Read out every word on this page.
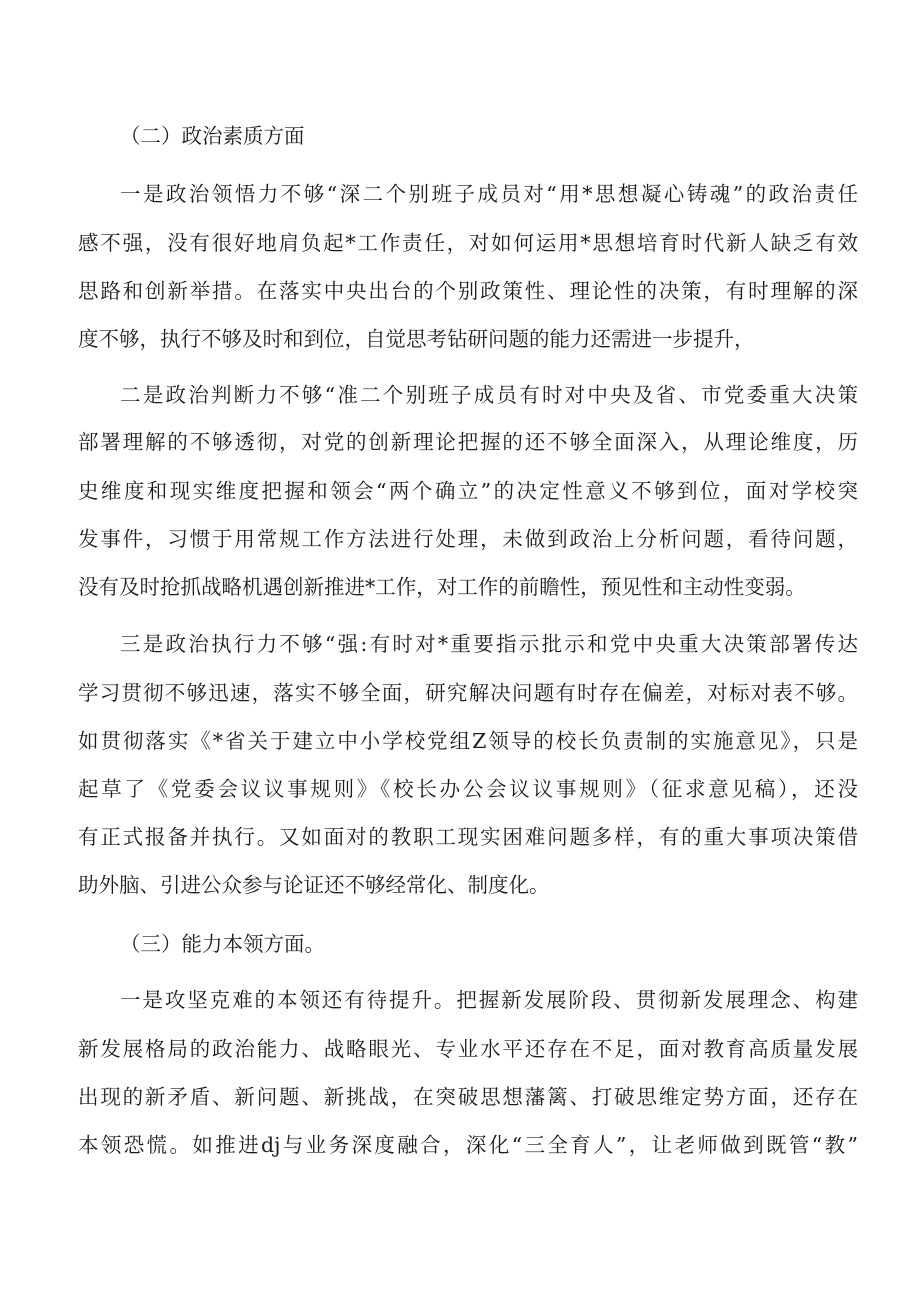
（二）政治素质方面

一是政治领悟力不够“深二个别班子成员对“用*思想凝心铸魂”的政治责任

感不强，没有很好地肩负起*工作责任，对如何运用*思想培育时代新人缺乏有效

思路和创新举措。在落实中央出台的个别政策性、理论性的决策，有时理解的深

度不够，执行不够及时和到位，自觉思考钻研问题的能力还需进一步提升，

二是政治判断力不够“准二个别班子成员有时对中央及省、市党委重大决策

部署理解的不够透彻，对党的创新理论把握的还不够全面深入，从理论维度，历

史维度和现实维度把握和领会“两个确立”的决定性意义不够到位，面对学校突

发事件，习惯于用常规工作方法进行处理，未做到政治上分析问题，看待问题，

没有及时抢抓战略机遇创新推进*工作，对工作的前瞻性，预见性和主动性变弱。

三是政治执行力不够“强:有时对*重要指示批示和党中央重大决策部署传达

学习贯彻不够迅速，落实不够全面，研究解决问题有时存在偏差，对标对表不够。

如贯彻落实《*省关于建立中小学校党组Z领导的校长负责制的实施意见》，只是

起草了《党委会议议事规则》《校长办公会议议事规则》（征求意见稿），还没

有正式报备并执行。又如面对的教职工现实困难问题多样，有的重大事项决策借

助外脑、引进公众参与论证还不够经常化、制度化。

（三）能力本领方面。

一是攻坚克难的本领还有待提升。把握新发展阶段、贯彻新发展理念、构建

新发展格局的政治能力、战略眼光、专业水平还存在不足，面对教育高质量发展

出现的新矛盾、新问题、新挑战，在突破思想藩篱、打破思维定势方面，还存在

本领恐慌。如推进dj与业务深度融合，深化“三全育人”，让老师做到既管“教”
